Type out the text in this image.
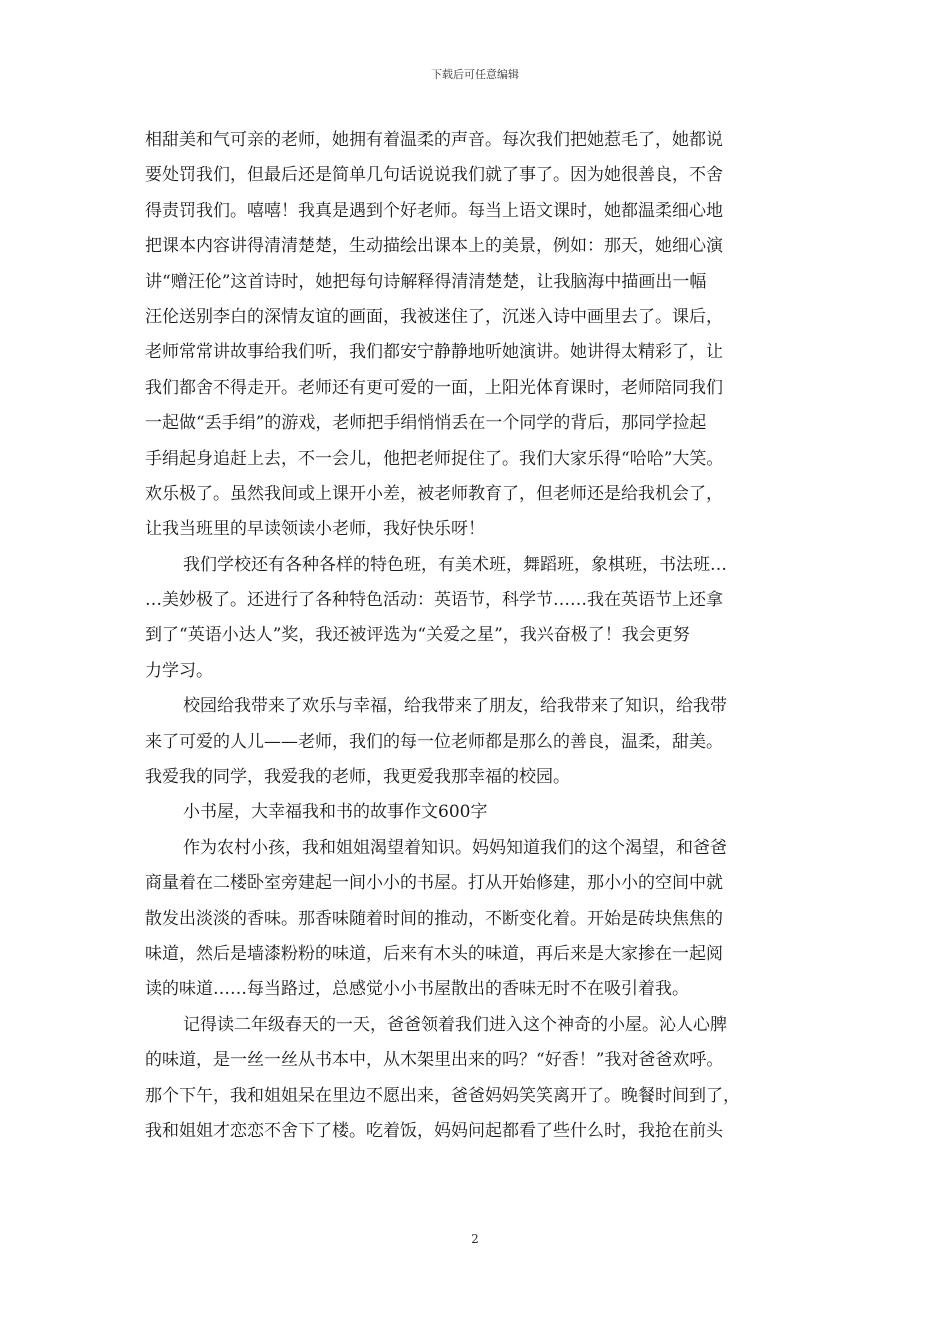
下载后可任意编辑
相甜美和气可亲的老师，她拥有着温柔的声音。每次我们把她惹毛了，她都说
要处罚我们，但最后还是简单几句话说说我们就了事了。因为她很善良，不舍
得责罚我们。嘻嘻！我真是遇到个好老师。每当上语文课时，她都温柔细心地
把课本内容讲得清清楚楚，生动描绘出课本上的美景，例如：那天，她细心演
讲“赠汪伦”这首诗时，她把每句诗解释得清清楚楚，让我脑海中描画出一幅
汪伦送别李白的深情友谊的画面，我被迷住了，沉迷入诗中画里去了。课后，
老师常常讲故事给我们听，我们都安宁静静地听她演讲。她讲得太精彩了，让
我们都舍不得走开。老师还有更可爱的一面，上阳光体育课时，老师陪同我们
一起做“丢手绢”的游戏，老师把手绢悄悄丢在一个同学的背后，那同学捡起
手绢起身追赶上去，不一会儿，他把老师捉住了。我们大家乐得“哈哈”大笑。
欢乐极了。虽然我间或上课开小差，被老师教育了，但老师还是给我机会了，
让我当班里的早读领读小老师，我好快乐呀！
我们学校还有各种各样的特色班，有美术班，舞蹈班，象棋班，书法班…
…美妙极了。还进行了各种特色活动：英语节，科学节……我在英语节上还拿
到了“英语小达人”奖，我还被评选为“关爱之星”，我兴奋极了！我会更努
力学习。
校园给我带来了欢乐与幸福，给我带来了朋友，给我带来了知识，给我带
来了可爱的人儿——老师，我们的每一位老师都是那么的善良，温柔，甜美。
我爱我的同学，我爱我的老师，我更爱我那幸福的校园。
小书屋，大幸福我和书的故事作文600字
作为农村小孩，我和姐姐渴望着知识。妈妈知道我们的这个渴望，和爸爸
商量着在二楼卧室旁建起一间小小的书屋。打从开始修建，那小小的空间中就
散发出淡淡的香味。那香味随着时间的推动，不断变化着。开始是砖块焦焦的
味道，然后是墙漆粉粉的味道，后来有木头的味道，再后来是大家掺在一起阅
读的味道……每当路过，总感觉小小书屋散出的香味无时不在吸引着我。
记得读二年级春天的一天，爸爸领着我们进入这个神奇的小屋。沁人心脾
的味道，是一丝一丝从书本中，从木架里出来的吗？“好香！”我对爸爸欢呼。
那个下午，我和姐姐呆在里边不愿出来，爸爸妈妈笑笑离开了。晚餐时间到了，
我和姐姐才恋恋不舍下了楼。吃着饭，妈妈问起都看了些什么时，我抢在前头
2
